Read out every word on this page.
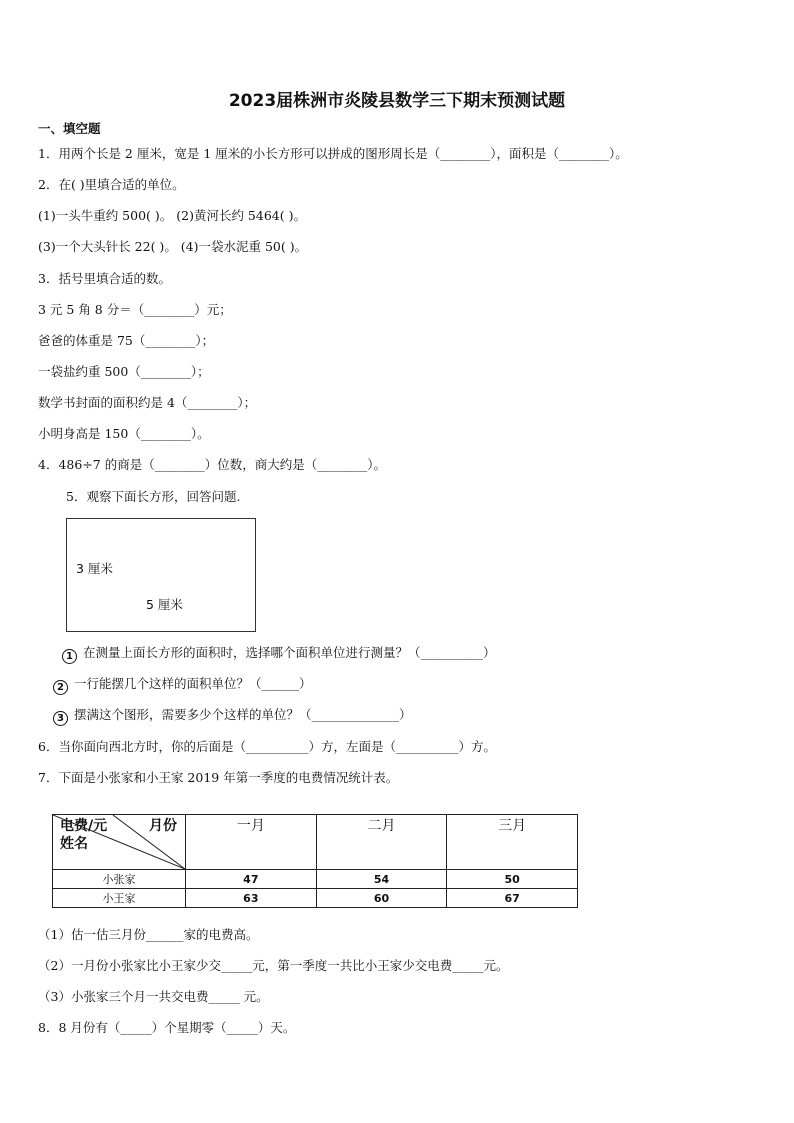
2023届株洲市炎陵县数学三下期末预测试题
一、填空题
1．用两个长是 2 厘米，宽是 1 厘米的小长方形可以拼成的图形周长是（________），面积是（________）。
2．在( )里填合适的单位。
(1)一头牛重约 500( )。 (2)黄河长约 5464( )。
(3)一个大头针长 22( )。 (4)一袋水泥重 50( )。
3．括号里填合适的数。
3 元 5 角 8 分＝（________）元；
爸爸的体重是 75（________）；
一袋盐约重 500（________）；
数学书封面的面积约是 4（________）；
小明身高是 150（________）。
4．486÷7 的商是（________）位数，商大约是（________）。
5．观察下面长方形，回答问题.
3 厘米
5 厘米
1 在测量上面长方形的面积时，选择哪个面积单位进行测量？（__________）
2 一行能摆几个这样的面积单位？（______）
3 摆满这个图形，需要多少个这样的单位？（______________）
6．当你面向西北方时，你的后面是（__________）方，左面是（__________）方。
7．下面是小张家和小王家 2019 年第一季度的电费情况统计表。
电费/元 月份
姓名	一月	二月	三月
小张家	47	54	50
小王家	63	60	67
（1）估一估三月份______家的电费高。
（2）一月份小张家比小王家少交_____元，第一季度一共比小王家少交电费_____元。
（3）小张家三个月一共交电费_____ 元。
8．8 月份有（_____）个星期零（_____）天。
